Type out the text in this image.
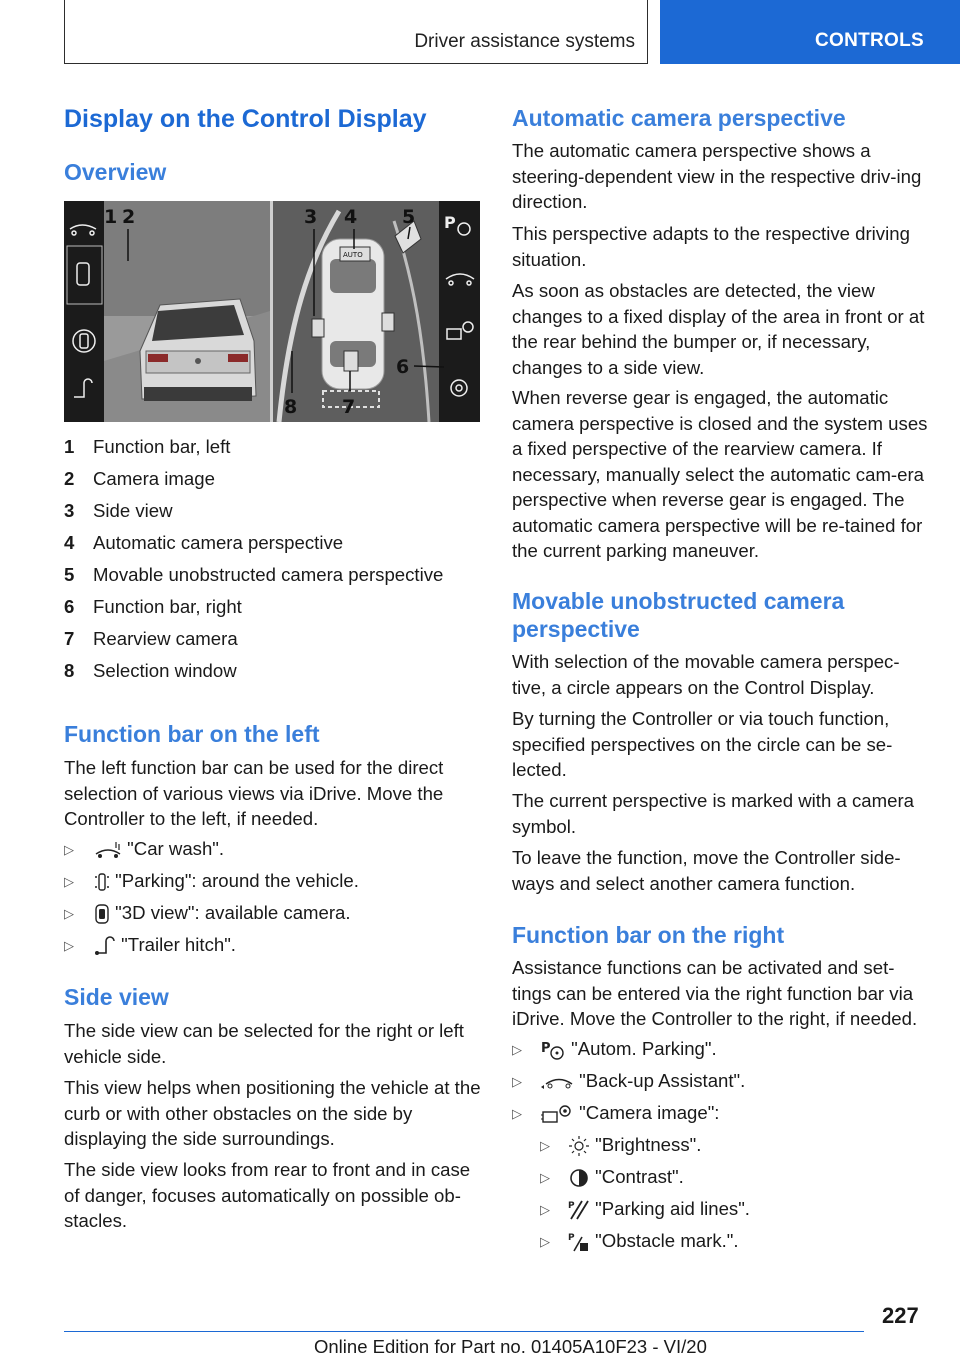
Driver assistance systems	CONTROLS
Display on the Control Display
Overview
AUTO
P
1 2	3 4 5
6
7
8
1 Function bar, left
2 Camera image
3 Side view
4 Automatic camera perspective
5 Movable unobstructed camera perspective
6 Function bar, right
7 Rearview camera
8 Selection window
Function bar on the left
The left function bar can be used for the direct selection of various views via iDrive. Move the Controller to the left, if needed.
▷	"Car wash".
▷	"Parking": around the vehicle.
▷	"3D view": available camera.
▷	"Trailer hitch".
Side view
The side view can be selected for the right or left vehicle side.
This view helps when positioning the vehicle at the curb or with other obstacles on the side by displaying the side surroundings.
The side view looks from rear to front and in case of danger, focuses automatically on possible ob‐stacles.
Automatic camera perspective
The automatic camera perspective shows a steering-dependent view in the respective driv‐ing direction.
This perspective adapts to the respective driving situation.
As soon as obstacles are detected, the view changes to a fixed display of the area in front or at the rear behind the bumper or, if necessary, changes to a side view.
When reverse gear is engaged, the automatic camera perspective is closed and the system uses a fixed perspective of the rearview camera. If necessary, manually select the automatic cam‐era perspective when reverse gear is engaged. The automatic camera perspective will be re‐tained for the current parking maneuver.
Movable unobstructed camera
perspective
With selection of the movable camera perspec‐tive, a circle appears on the Control Display.
By turning the Controller or via touch function, specified perspectives on the circle can be se‐lected.
The current perspective is marked with a camera symbol.
To leave the function, move the Controller side‐ways and select another camera function.
Function bar on the right
Assistance functions can be activated and set‐tings can be entered via the right function bar via iDrive. Move the Controller to the right, if needed.
▷ P "Autom. Parking".
▷	"Back-up Assistant".
▷	"Camera image":
▷	"Brightness".
▷	"Contrast".
▷ P "Parking aid lines".
▷ P "Obstacle mark.".
227
Online Edition for Part no. 01405A10F23 - VI/20
